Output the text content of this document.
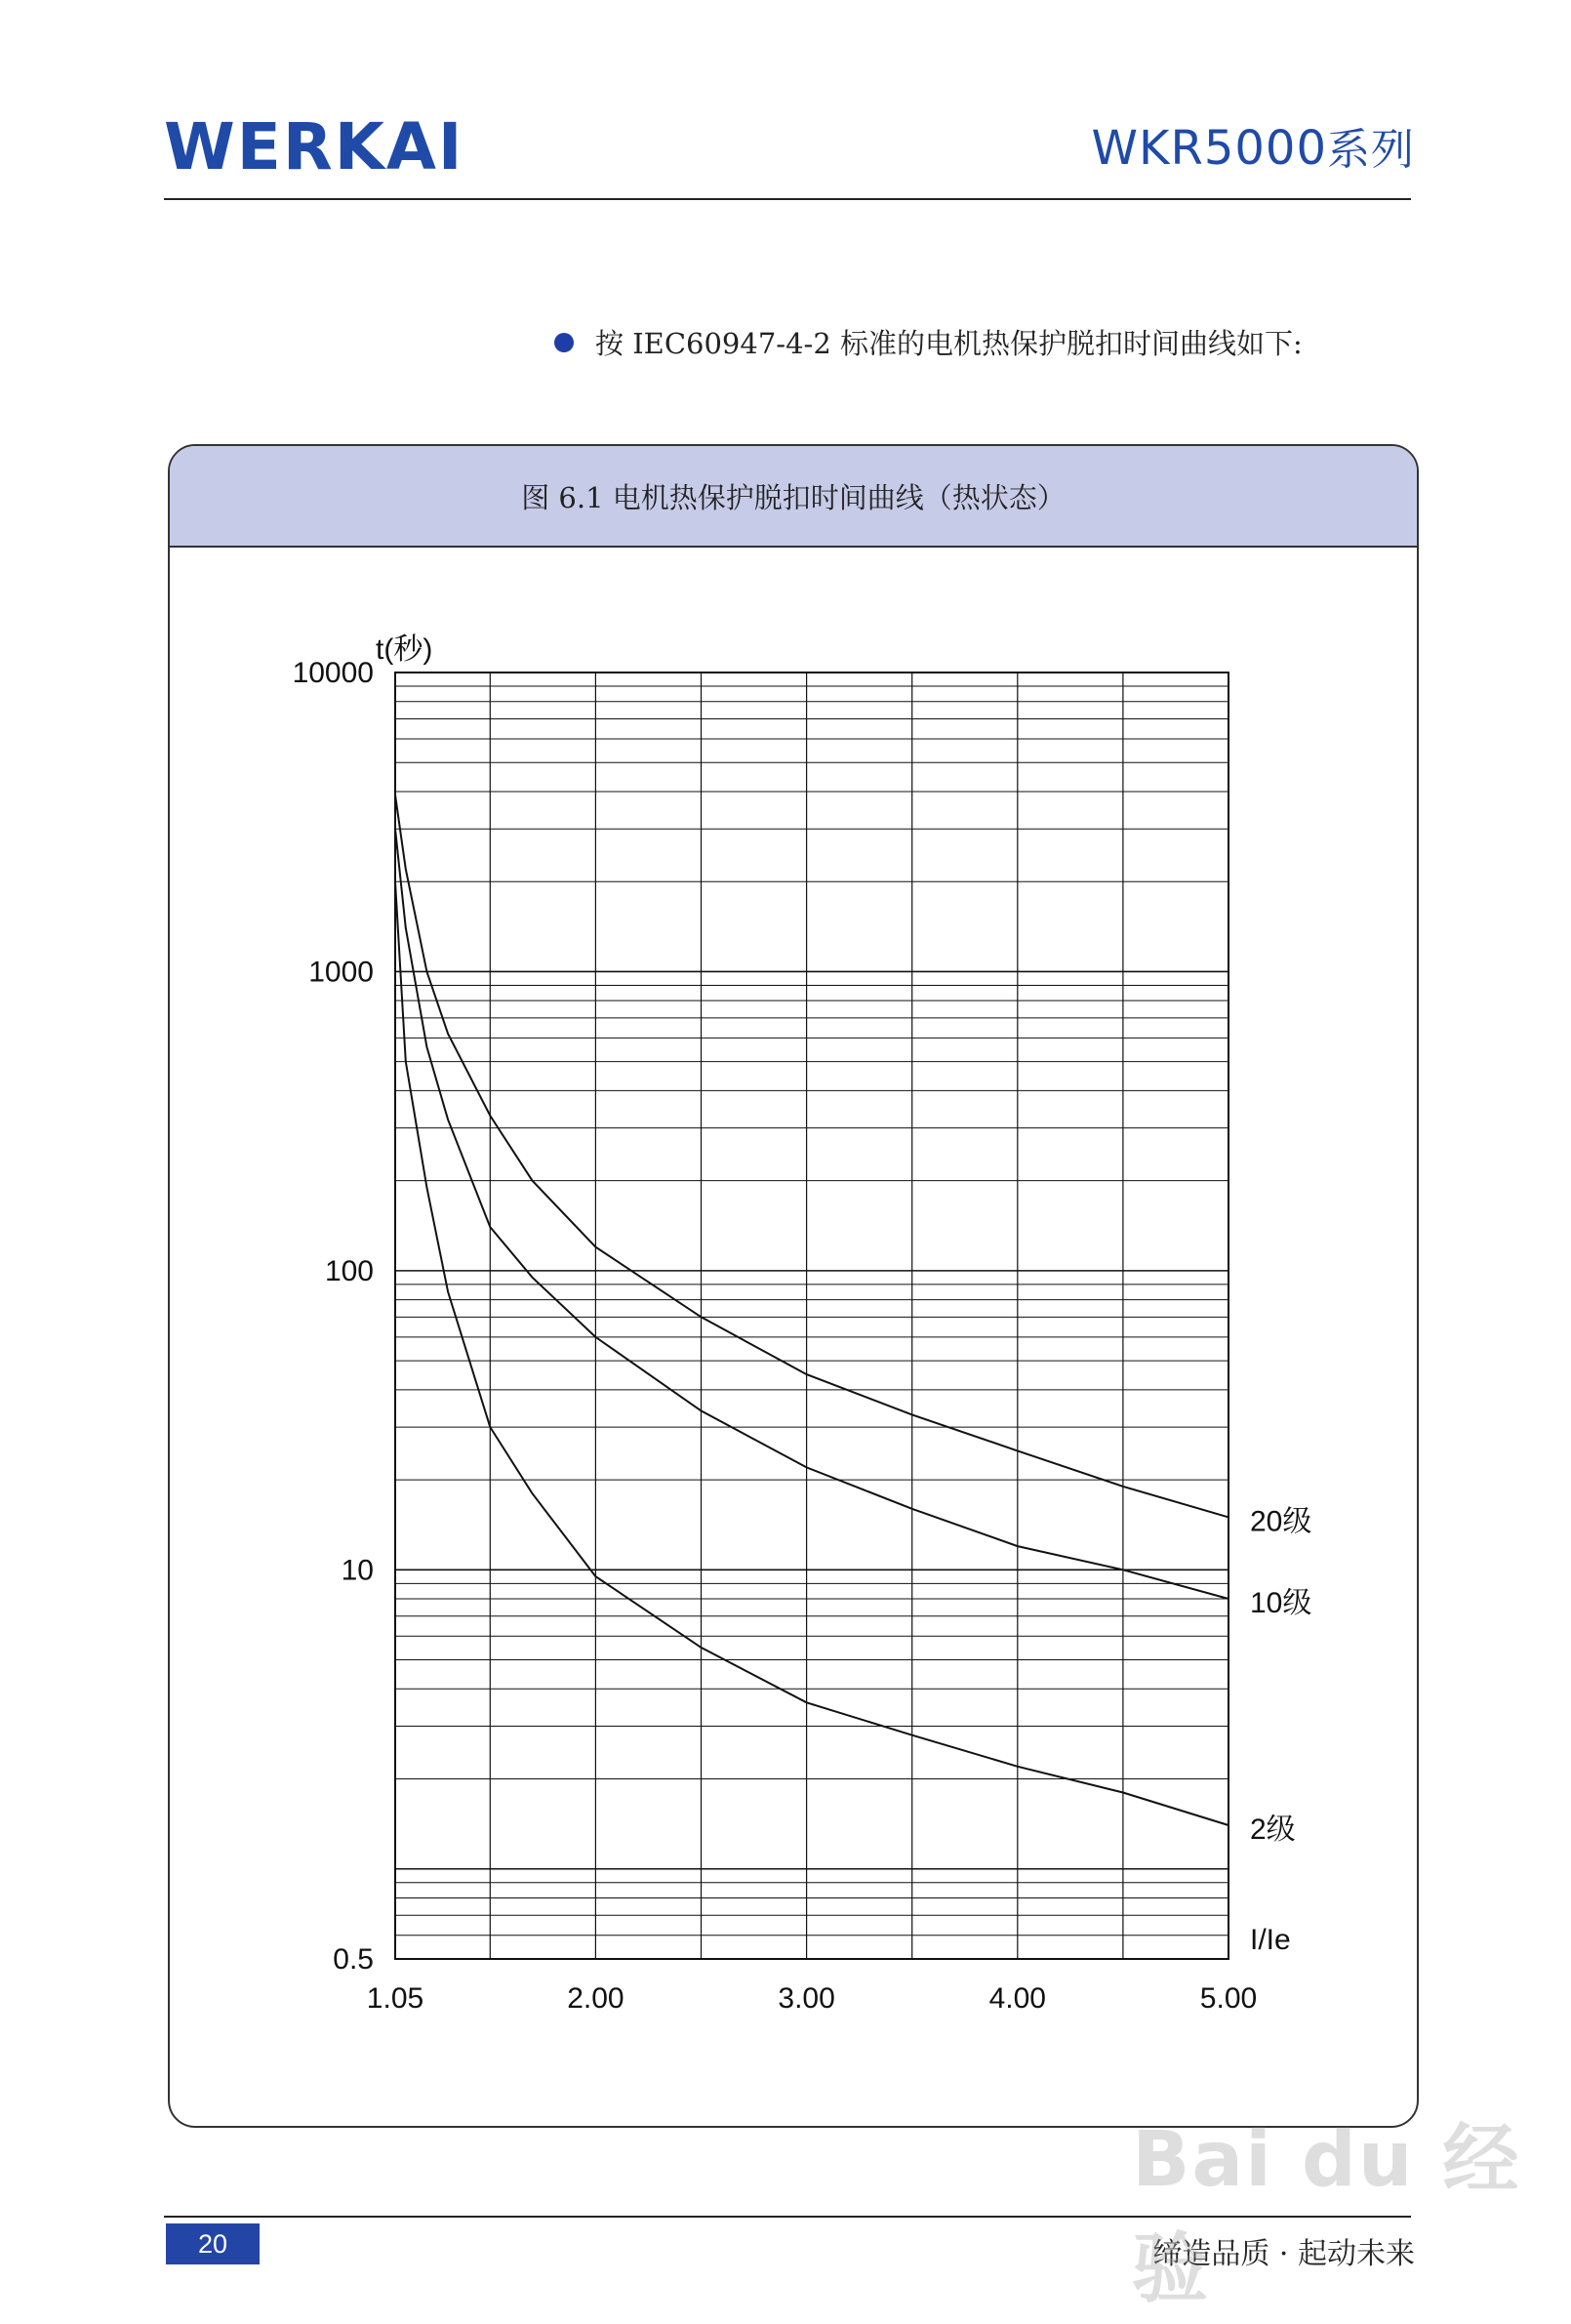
WERKAI	WKR5000系列
按 IEC60947-4-2 标准的电机热保护脱扣时间曲线如下:
图 6.1 电机热保护脱扣时间曲线（热状态）
0.5
10
100
1000
10000
1.05	2.00	3.00	4.00	5.00
t(秒)
I/Ie
20级
10级
2级
20	缔造品质 · 起动未来
Bai du 经验
